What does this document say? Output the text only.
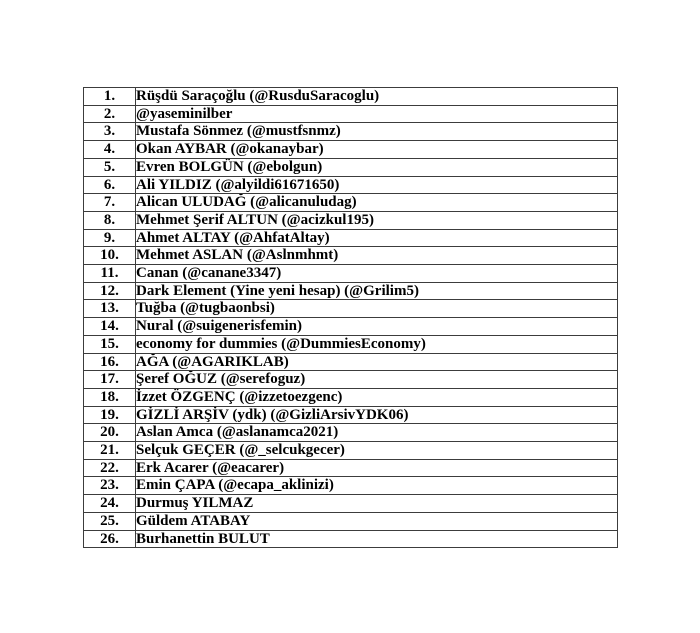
1.	Rüşdü Saraçoğlu (@RusduSaracoglu)
2.	@yaseminilber
3.	Mustafa Sönmez (@mustfsnmz)
4.	Okan AYBAR (@okanaybar)
5.	Evren BOLGÜN (@ebolgun)
6.	Ali YILDIZ (@alyildi61671650)
7.	Alican ULUDAĞ (@alicanuludag)
8.	Mehmet Şerif ALTUN (@acizkul195)
9.	Ahmet ALTAY (@AhfatAltay)
10.	Mehmet ASLAN (@Aslnmhmt)
11.	Canan (@canane3347)
12.	Dark Element (Yine yeni hesap) (@Grilim5)
13.	Tuğba (@tugbaonbsi)
14.	Nural (@suigenerisfemin)
15.	economy for dummies (@DummiesEconomy)
16.	AĞA (@AGARIKLAB)
17.	Şeref OĞUZ (@serefoguz)
18.	İzzet ÖZGENÇ (@izzetoezgenc)
19.	GİZLİ ARŞİV (ydk) (@GizliArsivYDK06)
20.	Aslan Amca (@aslanamca2021)
21.	Selçuk GEÇER (@_selcukgecer)
22.	Erk Acarer (@eacarer)
23.	Emin ÇAPA (@ecapa_aklinizi)
24.	Durmuş YILMAZ
25.	Güldem ATABAY
26.	Burhanettin BULUT
